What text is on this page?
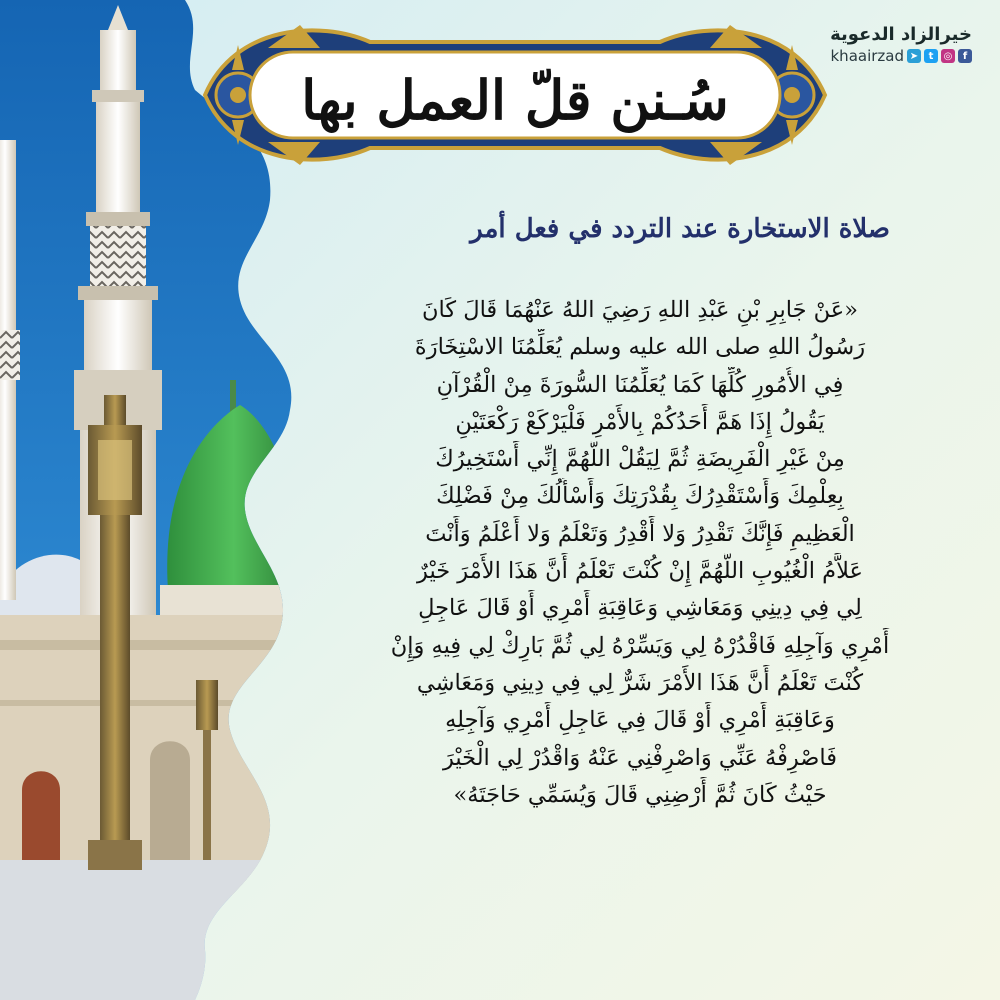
سُـنن قلّ العمل بها
خيرالزاد الدعوية
khaairzad ➤	t	◎	f
صلاة الاستخارة عند التردد في فعل أمر
«عَنْ جَابِرِ بْنِ عَبْدِ اللهِ رَضِيَ اللهُ عَنْهُمَا قَالَ كَانَ
رَسُولُ اللهِ صلى الله عليه وسلم يُعَلِّمُنَا الاسْتِخَارَةَ
فِي الأُمُورِ كُلِّهَا كَمَا يُعَلِّمُنَا السُّورَةَ مِنْ الْقُرْآنِ
يَقُولُ إِذَا هَمَّ أَحَدُكُمْ بِالأَمْرِ فَلْيَرْكَعْ رَكْعَتَيْنِ
مِنْ غَيْرِ الْفَرِيضَةِ ثُمَّ لِيَقُلْ اللَّهُمَّ إِنِّي أَسْتَخِيرُكَ
بِعِلْمِكَ وَأَسْتَقْدِرُكَ بِقُدْرَتِكَ وَأَسْأَلُكَ مِنْ فَضْلِكَ
الْعَظِيمِ فَإِنَّكَ تَقْدِرُ وَلا أَقْدِرُ وَتَعْلَمُ وَلا أَعْلَمُ وَأَنْتَ
عَلاَّمُ الْغُيُوبِ اللَّهُمَّ إِنْ كُنْتَ تَعْلَمُ أَنَّ هَذَا الأَمْرَ خَيْرٌ
لِي فِي دِينِي وَمَعَاشِي وَعَاقِبَةِ أَمْرِي أَوْ قَالَ عَاجِلِ
أَمْرِي وَآجِلِهِ فَاقْدُرْهُ لِي وَيَسِّرْهُ لِي ثُمَّ بَارِكْ لِي فِيهِ وَإِنْ
كُنْتَ تَعْلَمُ أَنَّ هَذَا الأَمْرَ شَرٌّ لِي فِي دِينِي وَمَعَاشِي
وَعَاقِبَةِ أَمْرِي أَوْ قَالَ فِي عَاجِلِ أَمْرِي وَآجِلِهِ
فَاصْرِفْهُ عَنِّي وَاصْرِفْنِي عَنْهُ وَاقْدُرْ لِي الْخَيْرَ
حَيْثُ كَانَ ثُمَّ أَرْضِنِي قَالَ وَيُسَمِّي حَاجَتَهُ»
